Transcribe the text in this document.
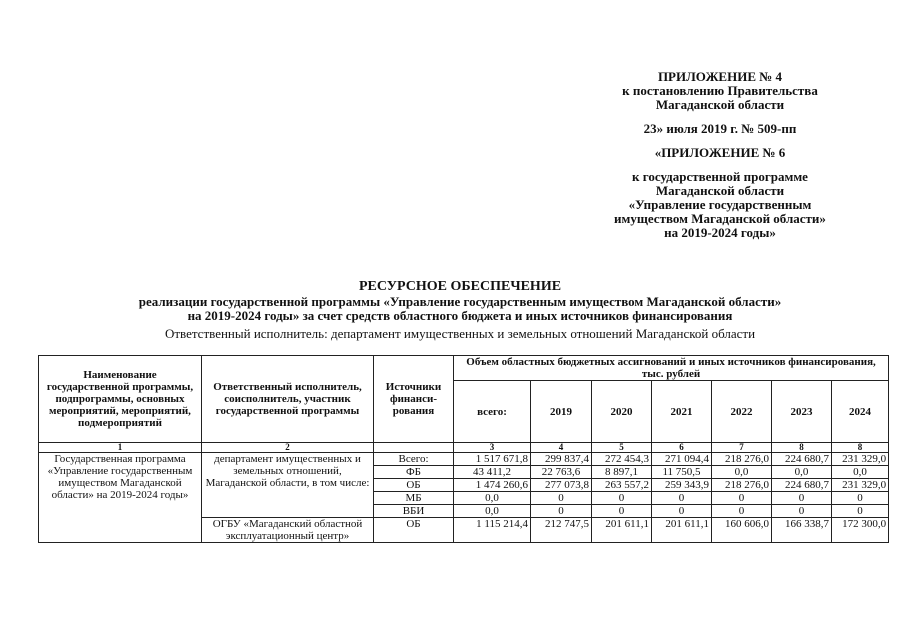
ПРИЛОЖЕНИЕ № 4
к постановлению Правительства
Магаданской области
23» июля 2019 г. № 509-пп
«ПРИЛОЖЕНИЕ № 6
к государственной программе
Магаданской области
«Управление государственным
имуществом Магаданской области»
на 2019-2024 годы»
РЕСУРСНОЕ ОБЕСПЕЧЕНИЕ
реализации государственной программы «Управление государственным имуществом Магаданской области»
на 2019-2024 годы» за счет средств областного бюджета и иных источников финансирования
Ответственный исполнитель: департамент имущественных и земельных отношений Магаданской области
Наименование государственной программы, подпрограммы, основных мероприятий, мероприятий, подмероприятий	Ответственный исполнитель, соисполнитель, участник государственной программы	Источники финанси-рования	Объем областных бюджетных ассигнований и иных источников финансирования, тыс. рублей						
			всего:	2019	2020	2021	2022	2023	2024
1	2		3	4	5	6	7	8	8
Государственная программа «Управление государственным имуществом Магаданской области» на 2019-2024 годы»	департамент имущественных и земельных отношений, Магаданской области, в том числе:	Всего:	1 517 671,8	299 837,4	272 454,3	271 094,4	218 276,0	224 680,7	231 329,0
		ФБ	43 411,2	22 763,6	8 897,1	11 750,5	0,0	0,0	0,0
		ОБ	1 474 260,6	277 073,8	263 557,2	259 343,9	218 276,0	224 680,7	231 329,0
		МБ	0,0	0	0	0	0	0	0
		ВБИ	0,0	0	0	0	0	0	0
	ОГБУ «Магаданский областной эксплуатационный центр»	ОБ	1 115 214,4	212 747,5	201 611,1	201 611,1	160 606,0	166 338,7	172 300,0
